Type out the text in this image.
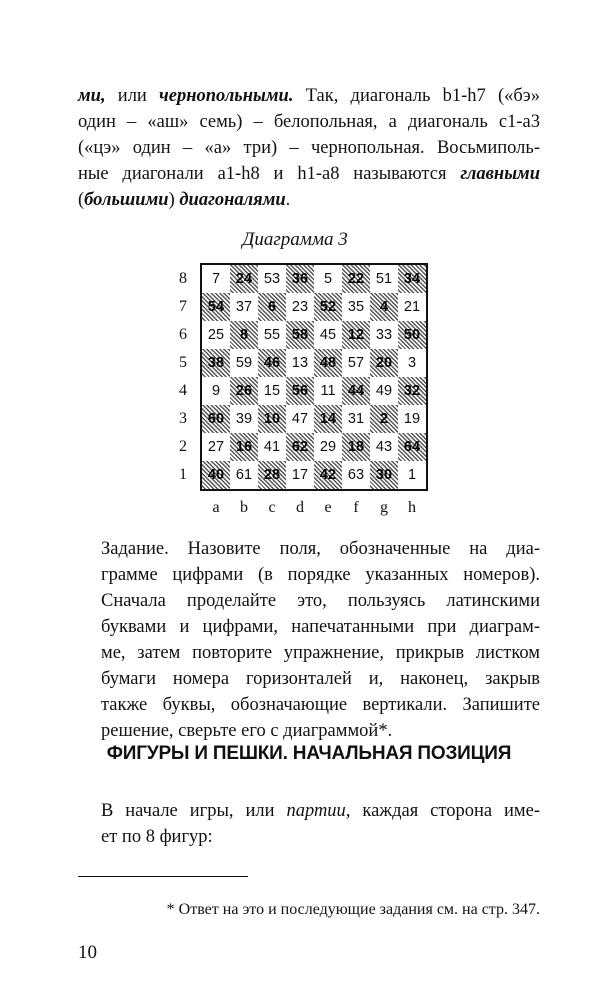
ми, или чернопольными. Так, диагональ b1-h7 («бэ»
один – «аш» семь) – белопольная, а диагональ c1-a3
(«цэ» один – «а» три) – чернопольная. Восьмиполь-
ные диагонали a1-h8 и h1-a8 называются главными
(большими) диагоналями.

Диаграмма 3
7 24 53 36 5 22 51 34
54 37 6 23 52 35 4 21
25 8 55 58 45 12 33 50
38 59 46 13 48 57 20 3
9 26 15 56 11 44 49 32
60 39 10 47 14 31 2 19
27 16 41 62 29 18 43 64
40 61 28 17 42 63 30 1
8
7
6
5
4
3
2
1
a	b	c	d	e	f	g	h

Задание. Назовите поля, обозначенные на диа-
грамме цифрами (в порядке указанных номеров).
Сначала проделайте это, пользуясь латинскими
буквами и цифрами, напечатанными при диаграм-
ме, затем повторите упражнение, прикрыв листком
бумаги номера горизонталей и, наконец, закрыв
также буквы, обозначающие вертикали. Запишите
решение, сверьте его с диаграммой*.

ФИГУРЫ И ПЕШКИ. НАЧАЛЬНАЯ ПОЗИЦИЯ

В начале игры, или партии, каждая сторона име-
ет по 8 фигур:

* Ответ на это и последующие задания см. на стр. 347.
10
